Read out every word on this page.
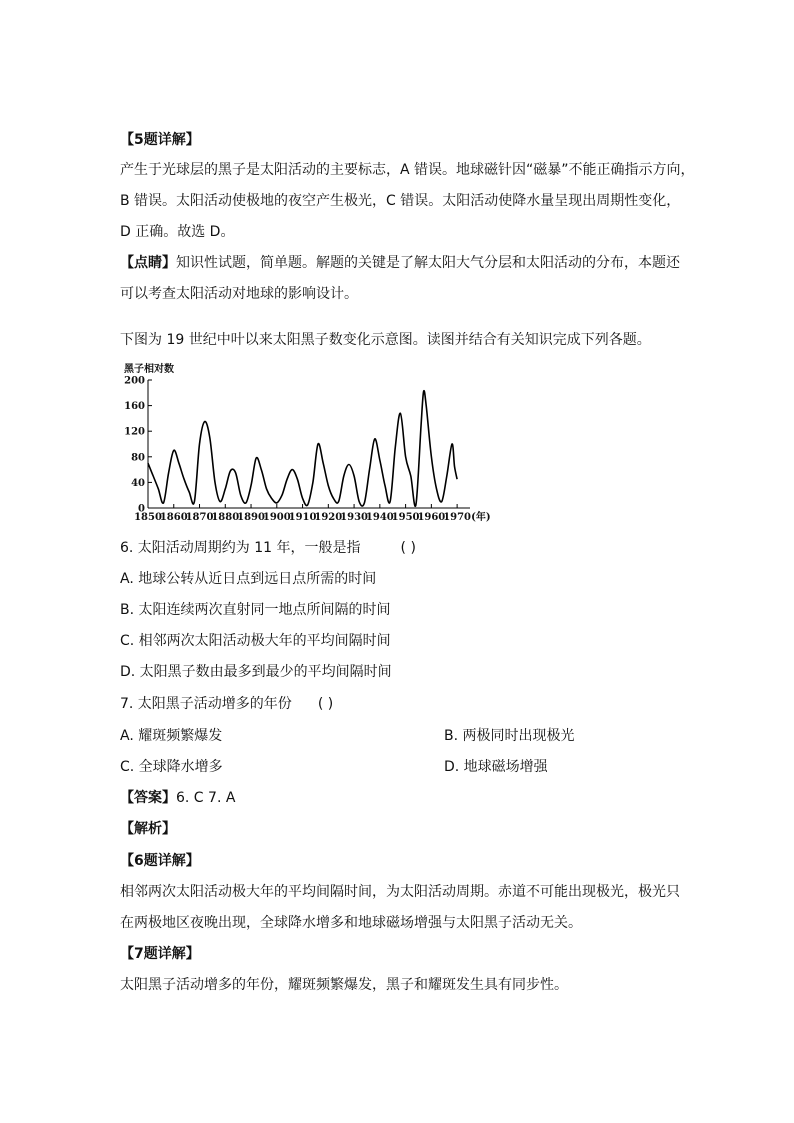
【5题详解】
产生于光球层的黑子是太阳活动的主要标志，A 错误。地球磁针因“磁暴”不能正确指示方向，
B 错误。太阳活动使极地的夜空产生极光，C 错误。太阳活动使降水量呈现出周期性变化，
D 正确。故选 D。
【点睛】知识性试题，简单题。解题的关键是了解太阳大气分层和太阳活动的分布，本题还
可以考查太阳活动对地球的影响设计。
下图为 19 世纪中叶以来太阳黑子数变化示意图。读图并结合有关知识完成下列各题。
黑子相对数
0
40
80
120
160
200
1850
1860
1870
1880
1890
1900
1910
1920
1930
1940
1950
1960
1970 (年)
6. 太阳活动周期约为 11 年，一般是指	( )
A. 地球公转从近日点到远日点所需的时间
B. 太阳连续两次直射同一地点所间隔的时间
C. 相邻两次太阳活动极大年的平均间隔时间
D. 太阳黑子数由最多到最少的平均间隔时间
7. 太阳黑子活动增多的年份 ( )
A. 耀斑频繁爆发	B. 两极同时出现极光
C. 全球降水增多	D. 地球磁场增强
【答案】6. C 7. A
【解析】
【6题详解】
相邻两次太阳活动极大年的平均间隔时间，为太阳活动周期。赤道不可能出现极光，极光只
在两极地区夜晚出现，全球降水增多和地球磁场增强与太阳黑子活动无关。
【7题详解】
太阳黑子活动增多的年份，耀斑频繁爆发，黑子和耀斑发生具有同步性。
